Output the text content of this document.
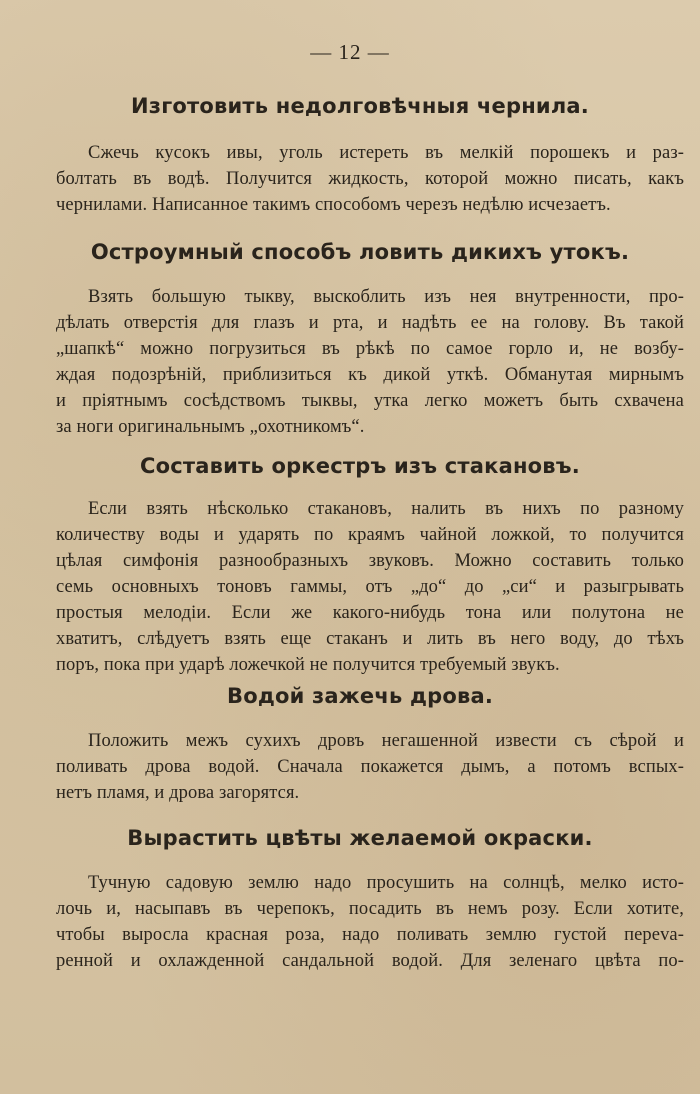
— 12 —
Изготовить недолговѣчныя чернила.
Сжечь кусокъ ивы, уголь истереть въ мелкій порошекъ и раз-
болтать въ водѣ. Получится жидкость, которой можно писать, какъ
чернилами. Написанное такимъ способомъ черезъ недѣлю исчезаетъ.
Остроумный способъ ловить дикихъ утокъ.
Взять большую тыкву, выскоблить изъ нея внутренности, про-
дѣлать отверстія для глазъ и рта, и надѣть ее на голову. Въ такой
„шапкѣ“ можно погрузиться въ рѣкѣ по самое горло и, не возбу-
ждая подозрѣній, приблизиться къ дикой уткѣ. Обманутая мирнымъ
и пріятнымъ сосѣдствомъ тыквы, утка легко можетъ быть схвачена
за ноги оригинальнымъ „охотникомъ“.
Составить оркестръ изъ стакановъ.
Если взять нѣсколько стакановъ, налить въ нихъ по разному
количеству воды и ударять по краямъ чайной ложкой, то получится
цѣлая симфонія разнообразныхъ звуковъ. Можно составить только
семь основныхъ тоновъ гаммы, отъ „до“ до „си“ и разыгрывать
простыя мелодіи. Если же какого-нибудь тона или полутона не
хватитъ, слѣдуетъ взять еще стаканъ и лить въ него воду, до тѣхъ
поръ, пока при ударѣ ложечкой не получится требуемый звукъ.
Водой зажечь дрова.
Положить межъ сухихъ дровъ негашенной извести съ сѣрой и
поливать дрова водой. Сначала покажется дымъ, а потомъ вспых-
нетъ пламя, и дрова загорятся.
Вырастить цвѣты желаемой окраски.
Тучную садовую землю надо просушить на солнцѣ, мелко исто-
лочь и, насыпавъ въ черепокъ, посадить въ немъ розу. Если хотите,
чтобы выросла красная роза, надо поливать землю густой переva-
ренной и охлажденной сандальной водой. Для зеленаго цвѣта по-
